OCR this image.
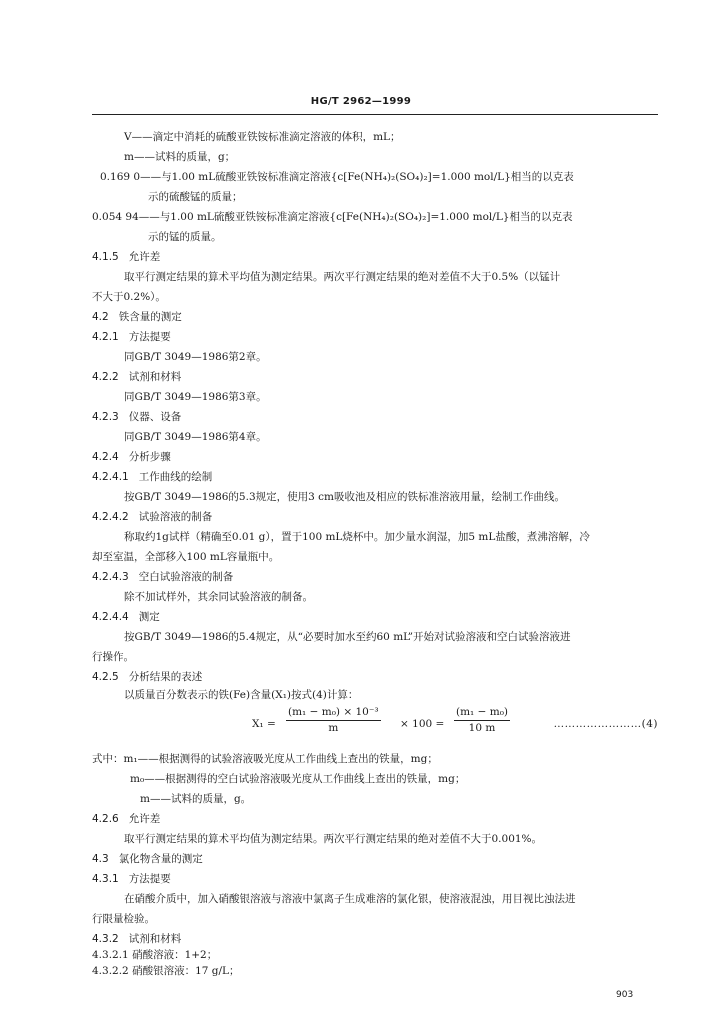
HG/T 2962—1999
V——滴定中消耗的硫酸亚铁铵标准滴定溶液的体积，mL；
m——试料的质量，g；
0.169 0——与1.00 mL硫酸亚铁铵标准滴定溶液{c[Fe(NH₄)₂(SO₄)₂]=1.000 mol/L}相当的以克表
示的硫酸锰的质量；
0.054 94——与1.00 mL硫酸亚铁铵标准滴定溶液{c[Fe(NH₄)₂(SO₄)₂]=1.000 mol/L}相当的以克表
示的锰的质量。
4.1.5 允许差
取平行测定结果的算术平均值为测定结果。两次平行测定结果的绝对差值不大于0.5%（以锰计
不大于0.2%）。
4.2 铁含量的测定
4.2.1 方法提要
同GB/T 3049—1986第2章。
4.2.2 试剂和材料
同GB/T 3049—1986第3章。
4.2.3 仪器、设备
同GB/T 3049—1986第4章。
4.2.4 分析步骤
4.2.4.1 工作曲线的绘制
按GB/T 3049—1986的5.3规定，使用3 cm吸收池及相应的铁标准溶液用量，绘制工作曲线。
4.2.4.2 试验溶液的制备
称取约1g试样（精确至0.01 g），置于100 mL烧杯中。加少量水润湿，加5 mL盐酸，煮沸溶解，冷
却至室温，全部移入100 mL容量瓶中。
4.2.4.3 空白试验溶液的制备
除不加试样外，其余同试验溶液的制备。
4.2.4.4 测定
按GB/T 3049—1986的5.4规定，从“必要时加水至约60 mL”开始对试验溶液和空白试验溶液进
行操作。
4.2.5 分析结果的表述
以质量百分数表示的铁(Fe)含量(X₁)按式(4)计算：
$X_1 = \frac{\text{(m₁ − m₀) × 10⁻³}}{m} \times 100 = \frac{\text{(m₁ − m₀)}}{10 m}$	……………………(4)
式中：m₁——根据测得的试验溶液吸光度从工作曲线上查出的铁量，mg；
m₀——根据测得的空白试验溶液吸光度从工作曲线上查出的铁量，mg；
m——试料的质量，g。
4.2.6 允许差
取平行测定结果的算术平均值为测定结果。两次平行测定结果的绝对差值不大于0.001%。
4.3 氯化物含量的测定
4.3.1 方法提要
在硝酸介质中，加入硝酸银溶液与溶液中氯离子生成难溶的氯化银，使溶液混浊，用目视比浊法进
行限量检验。
4.3.2 试剂和材料
4.3.2.1 硝酸溶液：1+2；
4.3.2.2 硝酸银溶液：17 g/L；
903
